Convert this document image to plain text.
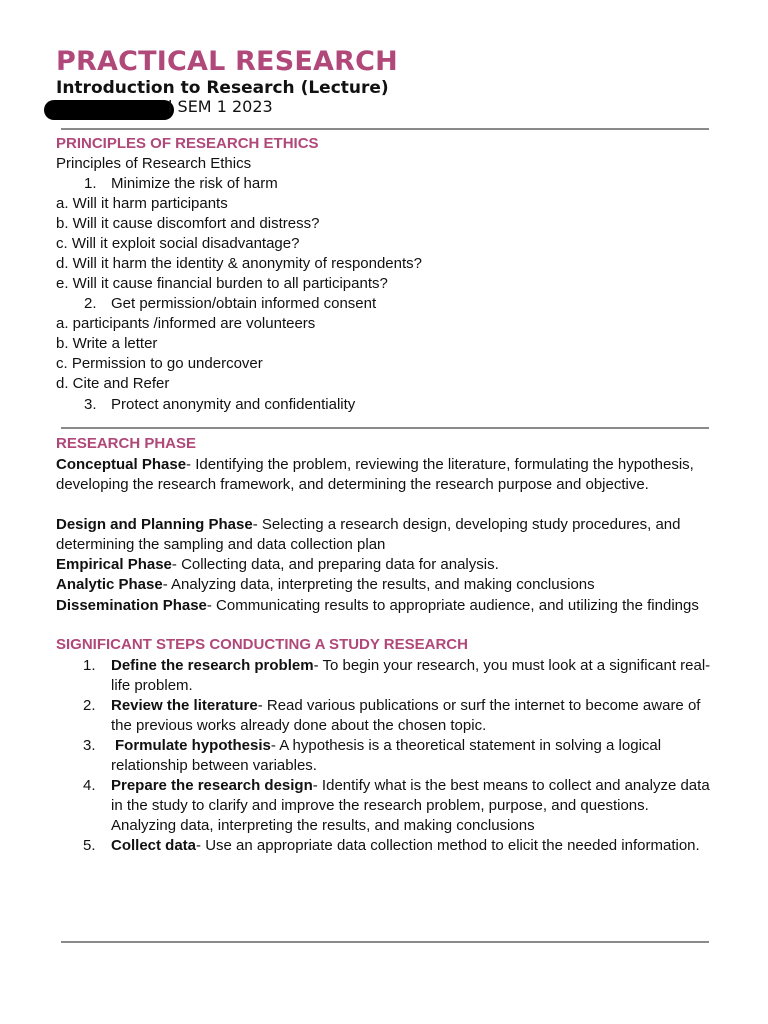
PRACTICAL RESEARCH
Introduction to Research (Lecture)
l SEM 1 2023
PRINCIPLES OF RESEARCH ETHICS
Principles of Research Ethics
1. Minimize the risk of harm
a. Will it harm participants
b. Will it cause discomfort and distress?
c. Will it exploit social disadvantage?
d. Will it harm the identity & anonymity of respondents?
e. Will it cause financial burden to all participants?
2. Get permission/obtain informed consent
a. participants /informed are volunteers
b. Write a letter
c. Permission to go undercover
d. Cite and Refer
3. Protect anonymity and confidentiality
RESEARCH PHASE
Conceptual Phase- Identifying the problem, reviewing the literature, formulating the hypothesis, developing the research framework, and determining the research purpose and objective.
Design and Planning Phase- Selecting a research design, developing study procedures, and determining the sampling and data collection plan
Empirical Phase- Collecting data, and preparing data for analysis.
Analytic Phase- Analyzing data, interpreting the results, and making conclusions
Dissemination Phase- Communicating results to appropriate audience, and utilizing the findings
SIGNIFICANT STEPS CONDUCTING A STUDY RESEARCH
1. Define the research problem- To begin your research, you must look at a significant real-life problem.
2. Review the literature- Read various publications or surf the internet to become aware of the previous works already done about the chosen topic.
3. Formulate hypothesis- A hypothesis is a theoretical statement in solving a logical relationship between variables.
4. Prepare the research design- Identify what is the best means to collect and analyze data in the study to clarify and improve the research problem, purpose, and questions. Analyzing data, interpreting the results, and making conclusions
5. Collect data- Use an appropriate data collection method to elicit the needed information.
